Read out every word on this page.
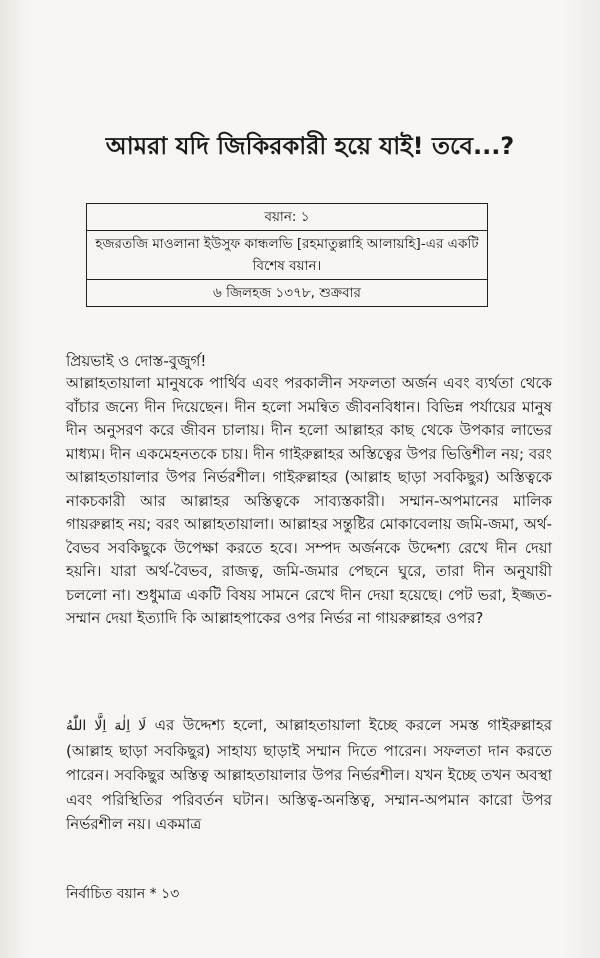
আমরা যদি জিকিরকারী হয়ে যাই! তবে...?
বয়ান: ১
হজরতজি মাওলানা ইউসুফ কান্ধলভি [রহমাতুল্লাহি আলায়হি]-এর একটি বিশেষ বয়ান।
৬ জিলহজ ১৩৭৮, শুক্রবার
প্রিয়ভাই ও দোস্ত-বুজুর্গ!
আল্লাহতায়ালা মানুষকে পার্থিব এবং পরকালীন সফলতা অর্জন এবং ব্যর্থতা থেকে বাঁচার জন্যে দীন দিয়েছেন। দীন হলো সমন্বিত জীবনবিধান। বিভিন্ন পর্যায়ের মানুষ দীন অনুসরণ করে জীবন চালায়। দীন হলো আল্লাহর কাছ থেকে উপকার লাভের মাধ্যম। দীন একমেহনতকে চায়। দীন গাইরুল্লাহর অস্তিত্বের উপর ভিত্তিশীল নয়; বরং আল্লাহতায়ালার উপর নির্ভরশীল। গাইরুল্লাহর (আল্লাহ ছাড়া সবকিছুর) অস্তিত্বকে নাকচকারী আর আল্লাহর অস্তিত্বকে সাব্যস্তকারী। সম্মান-অপমানের মালিক গায়রুল্লাহ নয়; বরং আল্লাহতায়ালা। আল্লাহর সন্তুষ্টির মোকাবেলায় জমি-জমা, অর্থ-বৈভব সবকিছুকে উপেক্ষা করতে হবে। সম্পদ অর্জনকে উদ্দেশ্য রেখে দীন দেয়া হয়নি। যারা অর্থ-বৈভব, রাজত্ব, জমি-জমার পেছনে ঘুরে, তারা দীন অনুযায়ী চললো না। শুধুমাত্র একটি বিষয় সামনে রেখে দীন দেয়া হয়েছে। পেট ভরা, ইজ্জত-সম্মান দেয়া ইত্যাদি কি আল্লাহপাকের ওপর নির্ভর না গায়রুল্লাহর ওপর?
لَا اِلٰهَ اِلَّا اللّٰهُ এর উদ্দেশ্য হলো, আল্লাহতায়ালা ইচ্ছে করলে সমস্ত গাইরুল্লাহর (আল্লাহ ছাড়া সবকিছুর) সাহায্য ছাড়াই সম্মান দিতে পারেন। সফলতা দান করতে পারেন। সবকিছুর অস্তিত্ব আল্লাহতায়ালার উপর নির্ভরশীল। যখন ইচ্ছে তখন অবস্থা এবং পরিস্থিতির পরিবর্তন ঘটান। অস্তিত্ব-অনস্তিত্ব, সম্মান-অপমান কারো উপর নির্ভরশীল নয়। একমাত্র
নির্বাচিত বয়ান * ১৩
